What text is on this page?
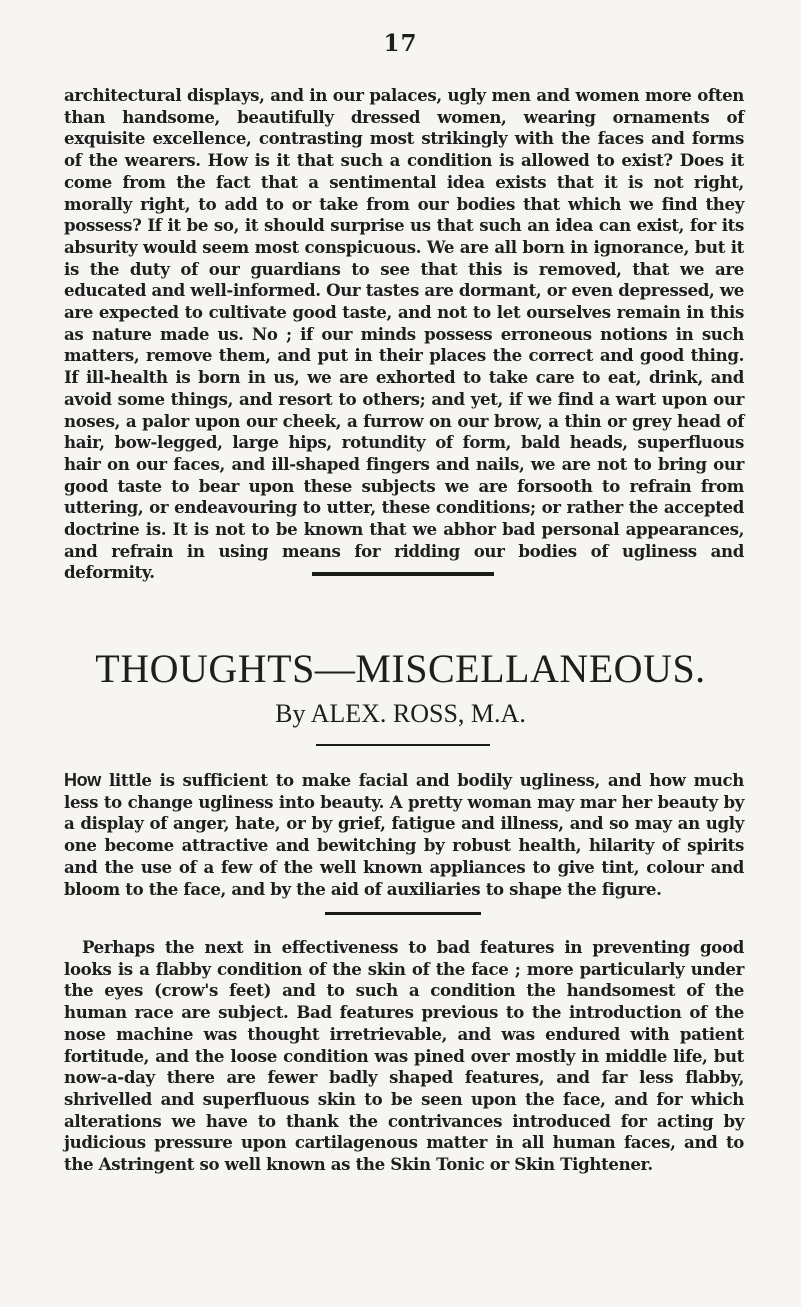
17

architectural displays, and in our palaces, ugly men and women more often than handsome, beautifully dressed women, wearing ornaments of exquisite excellence, contrasting most strikingly with the faces and forms of the wearers. How is it that such a condition is allowed to exist? Does it come from the fact that a sentimental idea exists that it is not right, morally right, to add to or take from our bodies that which we find they possess? If it be so, it should surprise us that such an idea can exist, for its absurity would seem most conspicuous. We are all born in ignorance, but it is the duty of our guardians to see that this is removed, that we are educated and well-informed. Our tastes are dormant, or even depressed, we are expected to cultivate good taste, and not to let ourselves remain in this as nature made us. No ; if our minds possess erroneous notions in such matters, remove them, and put in their places the correct and good thing. If ill-health is born in us, we are exhorted to take care to eat, drink, and avoid some things, and resort to others; and yet, if we find a wart upon our noses, a palor upon our cheek, a furrow on our brow, a thin or grey head of hair, bow-legged, large hips, rotundity of form, bald heads, superfluous hair on our faces, and ill-shaped fingers and nails, we are not to bring our good taste to bear upon these subjects we are forsooth to refrain from uttering, or endeavouring to utter, these conditions; or rather the accepted doctrine is. It is not to be known that we abhor bad personal appearances, and refrain in using means for ridding our bodies of ugliness and deformity.

THOUGHTS—MISCELLANEOUS.
By ALEX. ROSS, M.A.

How little is sufficient to make facial and bodily ugliness, and how much less to change ugliness into beauty. A pretty woman may mar her beauty by a display of anger, hate, or by grief, fatigue and illness, and so may an ugly one become attractive and bewitching by robust health, hilarity of spirits and the use of a few of the well known appliances to give tint, colour and bloom to the face, and by the aid of auxiliaries to shape the figure.

Perhaps the next in effectiveness to bad features in preventing good looks is a flabby condition of the skin of the face ; more particularly under the eyes (crow's feet) and to such a condition the handsomest of the human race are subject. Bad features previous to the introduction of the nose machine was thought irretrievable, and was endured with patient fortitude, and the loose condition was pined over mostly in middle life, but now-a-day there are fewer badly shaped features, and far less flabby, shrivelled and superfluous skin to be seen upon the face, and for which alterations we have to thank the contrivances introduced for acting by judicious pressure upon cartilagenous matter in all human faces, and to the Astringent so well known as the Skin Tonic or Skin Tightener.
